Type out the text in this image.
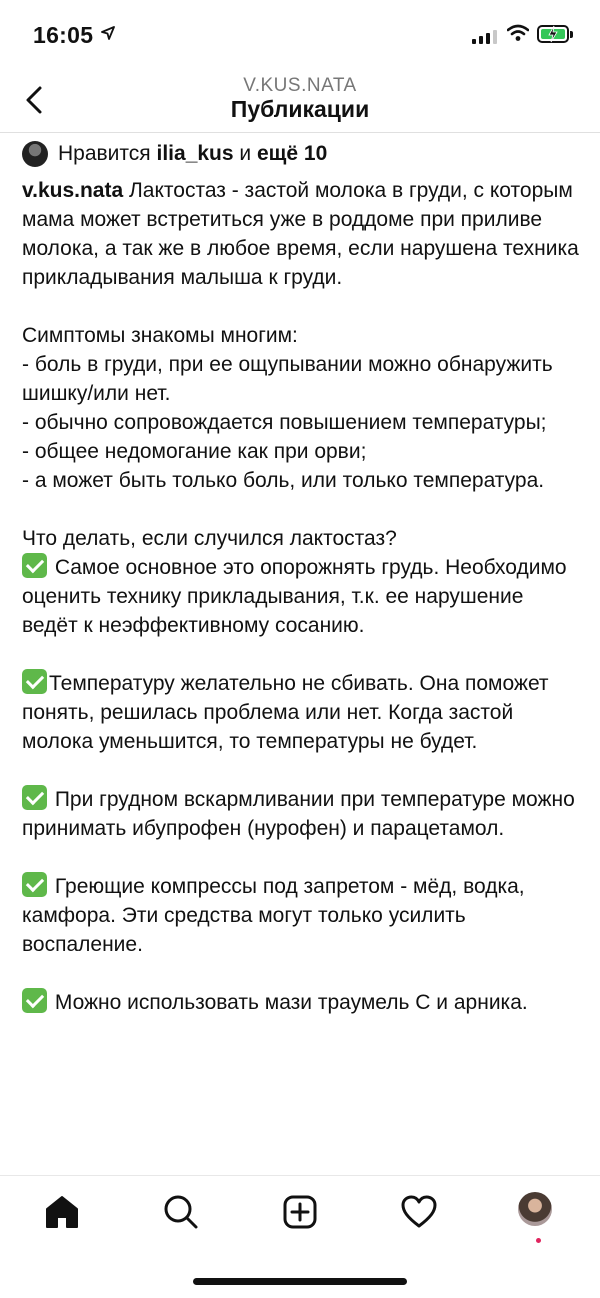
16:05
V.KUS.NATA
Публикации
Нравится
ilia_kus
и
ещё 10

v.kus.nata Лактостаз - застой молока в груди, с которым мама может встретиться уже в роддоме при приливе молока, а так же в любое время, если нарушена техника прикладывания малыша к груди.

Симптомы знакомы многим:

- боль в груди, при ее ощупывании можно обнаружить шишку/или нет.

- обычно сопровождается повышением температуры;

- общее недомогание как при орви;

- а может быть только боль, или только температура.

Что делать, если случился лактостаз?

Самое основное это опорожнять грудь. Необходимо оценить технику прикладывания, т.к. ее нарушение ведёт к неэффективному сосанию.

Температуру желательно не сбивать. Она поможет понять, решилась проблема или нет. Когда застой молока уменьшится, то температуры не будет.

При грудном вскармливании при температуре можно принимать ибупрофен (нурофен) и парацетамол.

Греющие компрессы под запретом - мёд, водка, камфора. Эти средства могут только усилить воспаление.

Можно использовать мази траумель С и арника.
